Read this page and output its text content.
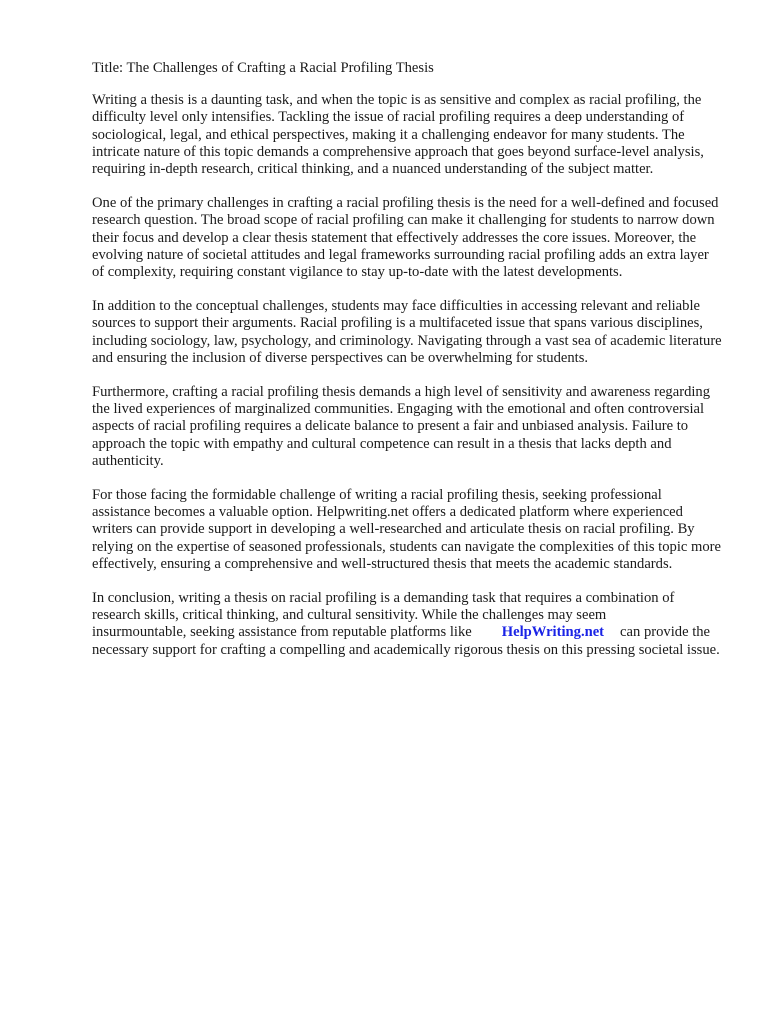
Title: The Challenges of Crafting a Racial Profiling Thesis

Writing a thesis is a daunting task, and when the topic is as sensitive and complex as racial profiling, the difficulty level only intensifies. Tackling the issue of racial profiling requires a deep understanding of sociological, legal, and ethical perspectives, making it a challenging endeavor for many students. The intricate nature of this topic demands a comprehensive approach that goes beyond surface-level analysis, requiring in-depth research, critical thinking, and a nuanced understanding of the subject matter.

One of the primary challenges in crafting a racial profiling thesis is the need for a well-defined and focused research question. The broad scope of racial profiling can make it challenging for students to narrow down their focus and develop a clear thesis statement that effectively addresses the core issues. Moreover, the evolving nature of societal attitudes and legal frameworks surrounding racial profiling adds an extra layer of complexity, requiring constant vigilance to stay up-to-date with the latest developments.

In addition to the conceptual challenges, students may face difficulties in accessing relevant and reliable sources to support their arguments. Racial profiling is a multifaceted issue that spans various disciplines, including sociology, law, psychology, and criminology. Navigating through a vast sea of academic literature and ensuring the inclusion of diverse perspectives can be overwhelming for students.

Furthermore, crafting a racial profiling thesis demands a high level of sensitivity and awareness regarding the lived experiences of marginalized communities. Engaging with the emotional and often controversial aspects of racial profiling requires a delicate balance to present a fair and unbiased analysis. Failure to approach the topic with empathy and cultural competence can result in a thesis that lacks depth and authenticity.

For those facing the formidable challenge of writing a racial profiling thesis, seeking professional assistance becomes a valuable option. Helpwriting.net offers a dedicated platform where experienced writers can provide support in developing a well-researched and articulate thesis on racial profiling. By relying on the expertise of seasoned professionals, students can navigate the complexities of this topic more effectively, ensuring a comprehensive and well-structured thesis that meets the academic standards.

In conclusion, writing a thesis on racial profiling is a demanding task that requires a combination of research skills, critical thinking, and cultural sensitivity. While the challenges may seem insurmountable, seeking assistance from reputable platforms like HelpWriting.net can provide the necessary support for crafting a compelling and academically rigorous thesis on this pressing societal issue.
